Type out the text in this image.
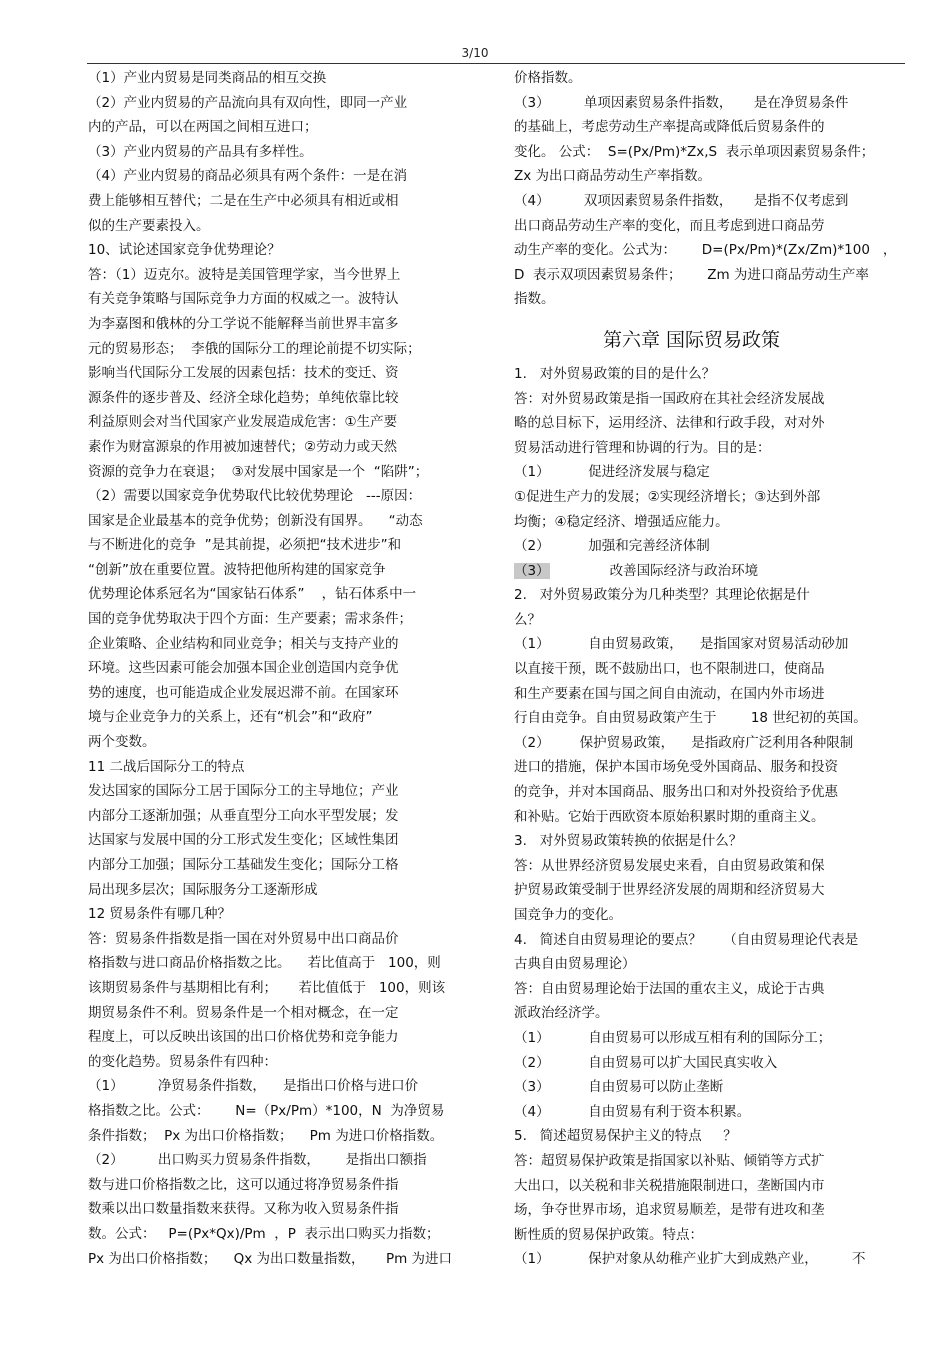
3/10
（1）产业内贸易是同类商品的相互交换
（2）产业内贸易的产品流向具有双向性，即同一产业
内的产品，可以在两国之间相互进口；
（3）产业内贸易的产品具有多样性。
（4）产业内贸易的商品必须具有两个条件：一是在消
费上能够相互替代；二是在生产中必须具有相近或相
似的生产要素投入。
10、试论述国家竞争优势理论？
答：（1）迈克尔。波特是美国管理学家，当今世界上
有关竞争策略与国际竞争力方面的权威之一。波特认
为李嘉图和俄林的分工学说不能解释当前世界丰富多
元的贸易形态；  李俄的国际分工的理论前提不切实际；
影响当代国际分工发展的因素包括：技术的变迁、资
源条件的逐步普及、经济全球化趋势；单纯依靠比较
利益原则会对当代国家产业发展造成危害：①生产要
素作为财富源泉的作用被加速替代；②劳动力或天然
资源的竞争力在衰退；  ③对发展中国家是一个  “陷阱”；
（2）需要以国家竞争优势取代比较优势理论   ---原因：
国家是企业最基本的竞争优势；创新没有国界。    “动态
与不断进化的竞争  ”是其前提，必须把“技术进步”和
“创新”放在重要位置。波特把他所构建的国家竞争
优势理论体系冠名为“国家钻石体系”    ，钻石体系中一
国的竞争优势取决于四个方面：生产要素；需求条件；
企业策略、企业结构和同业竞争；相关与支持产业的
环境。这些因素可能会加强本国企业创造国内竞争优
势的速度，也可能造成企业发展迟滞不前。在国家环
境与企业竞争力的关系上，还有“机会”和“政府”
两个变数。
11 二战后国际分工的特点
发达国家的国际分工居于国际分工的主导地位；产业
内部分工逐渐加强；从垂直型分工向水平型发展；发
达国家与发展中国的分工形式发生变化；区域性集团
内部分工加强；国际分工基础发生变化；国际分工格
局出现多层次；国际服务分工逐渐形成
12 贸易条件有哪几种？
答：贸易条件指数是指一国在对外贸易中出口商品价
格指数与进口商品价格指数之比。    若比值高于   100，则
该期贸易条件与基期相比有利；     若比值低于   100，则该
期贸易条件不利。贸易条件是一个相对概念，在一定
程度上，可以反映出该国的出口价格优势和竞争能力
的变化趋势。贸易条件有四种：
（1）        净贸易条件指数，    是指出口价格与进口价
格指数之比。公式：      N=（Px/Pm）*100，N  为净贸易
条件指数；  Px 为出口价格指数；    Pm 为进口价格指数。
（2）        出口购买力贸易条件指数，      是指出口额指
数与进口价格指数之比，这可以通过将净贸易条件指
数乘以出口数量指数来获得。又称为收入贸易条件指
数。公式：   P=(Px*Qx)/Pm  ，P  表示出口购买力指数；
Px 为出口价格指数；    Qx 为出口数量指数，     Pm 为进口
价格指数。
（3）        单项因素贸易条件指数，     是在净贸易条件
的基础上，考虑劳动生产率提高或降低后贸易条件的
变化。 公式：  S=(Px/Pm)*Zx,S  表示单项因素贸易条件；
Zx 为出口商品劳动生产率指数。
（4）        双项因素贸易条件指数，     是指不仅考虑到
出口商品劳动生产率的变化，而且考虑到进口商品劳
动生产率的变化。公式为：      D=(Px/Pm)*(Zx/Zm)*100   ，
D  表示双项因素贸易条件；      Zm 为进口商品劳动生产率
指数。
第六章 国际贸易政策
1.   对外贸易政策的目的是什么？
答：对外贸易政策是指一国政府在其社会经济发展战
略的总目标下，运用经济、法律和行政手段，对对外
贸易活动进行管理和协调的行为。目的是：
（1）         促进经济发展与稳定
①促进生产力的发展；②实现经济增长；③达到外部
均衡；④稳定经济、增强适应能力。
（2）         加强和完善经济体制
（3）	改善国际经济与政治环境
2.   对外贸易政策分为几种类型？其理论依据是什
么？
（1）         自由贸易政策，    是指国家对贸易活动砂加
以直接干预，既不鼓励出口，也不限制进口，使商品
和生产要素在国与国之间自由流动，在国内外市场进
行自由竞争。自由贸易政策产生于        18 世纪初的英国。
（2）       保护贸易政策，    是指政府广泛利用各种限制
进口的措施，保护本国市场免受外国商品、服务和投资
的竞争，并对本国商品、服务出口和对外投资给予优惠
和补贴。它始于西欧资本原始积累时期的重商主义。
3.   对外贸易政策转换的依据是什么？
答：从世界经济贸易发展史来看，自由贸易政策和保
护贸易政策受制于世界经济发展的周期和经济贸易大
国竞争力的变化。
4.   简述自由贸易理论的要点？     （自由贸易理论代表是
古典自由贸易理论）
答：自由贸易理论始于法国的重农主义，成论于古典
派政治经济学。
（1）         自由贸易可以形成互相有利的国际分工；
（2）         自由贸易可以扩大国民真实收入
（3）         自由贸易可以防止垄断
（4）         自由贸易有利于资本积累。
5.   简述超贸易保护主义的特点     ？
答：超贸易保护政策是指国家以补贴、倾销等方式扩
大出口，以关税和非关税措施限制进口，垄断国内市
场，争夺世界市场，追求贸易顺差，是带有进攻和垄
断性质的贸易保护政策。特点：
（1）         保护对象从幼稚产业扩大到成熟产业，        不
